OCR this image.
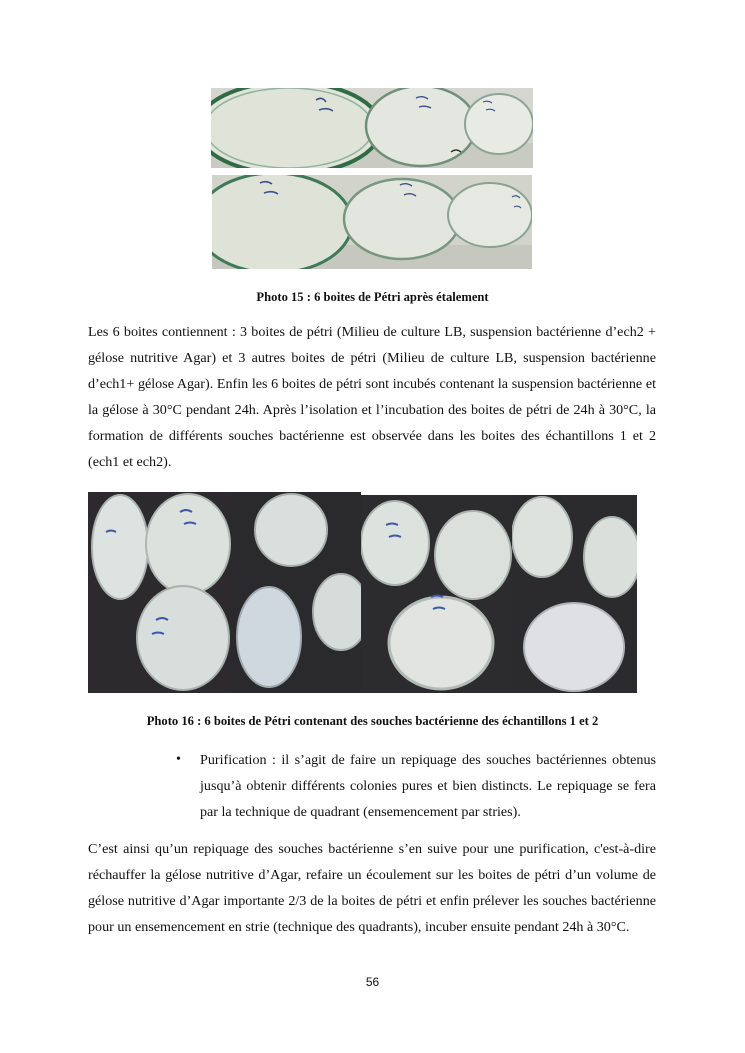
Photo 15 : 6 boites de Pétri après étalement

Les 6 boites contiennent : 3 boites de pétri (Milieu de culture LB, suspension bactérienne d’ech2 + gélose nutritive Agar) et 3 autres boites de pétri (Milieu de culture LB, suspension bactérienne d’ech1+ gélose Agar). Enfin les 6 boites de pétri sont incubés contenant la suspension bactérienne et la gélose à 30°C pendant 24h. Après l’isolation et l’incubation des boites de pétri de 24h à 30°C, la formation de différents souches bactérienne est observée dans les boites des échantillons 1 et 2 (ech1 et ech2).

Photo 16 : 6 boites de Pétri contenant des souches bactérienne des échantillons 1 et 2
• Purification : il s’agit de faire un repiquage des souches bactériennes obtenus jusqu’à obtenir différents colonies pures et bien distincts. Le repiquage se fera par la technique de quadrant (ensemencement par stries).

C’est ainsi qu’un repiquage des souches bactérienne s’en suive pour une purification, c'est-à-dire réchauffer la gélose nutritive d’Agar, refaire un écoulement sur les boites de pétri d’un volume de gélose nutritive d’Agar importante 2/3 de la boites de pétri et enfin prélever les souches bactérienne pour un ensemencement en strie (technique des quadrants), incuber ensuite pendant 24h à 30°C.

56
